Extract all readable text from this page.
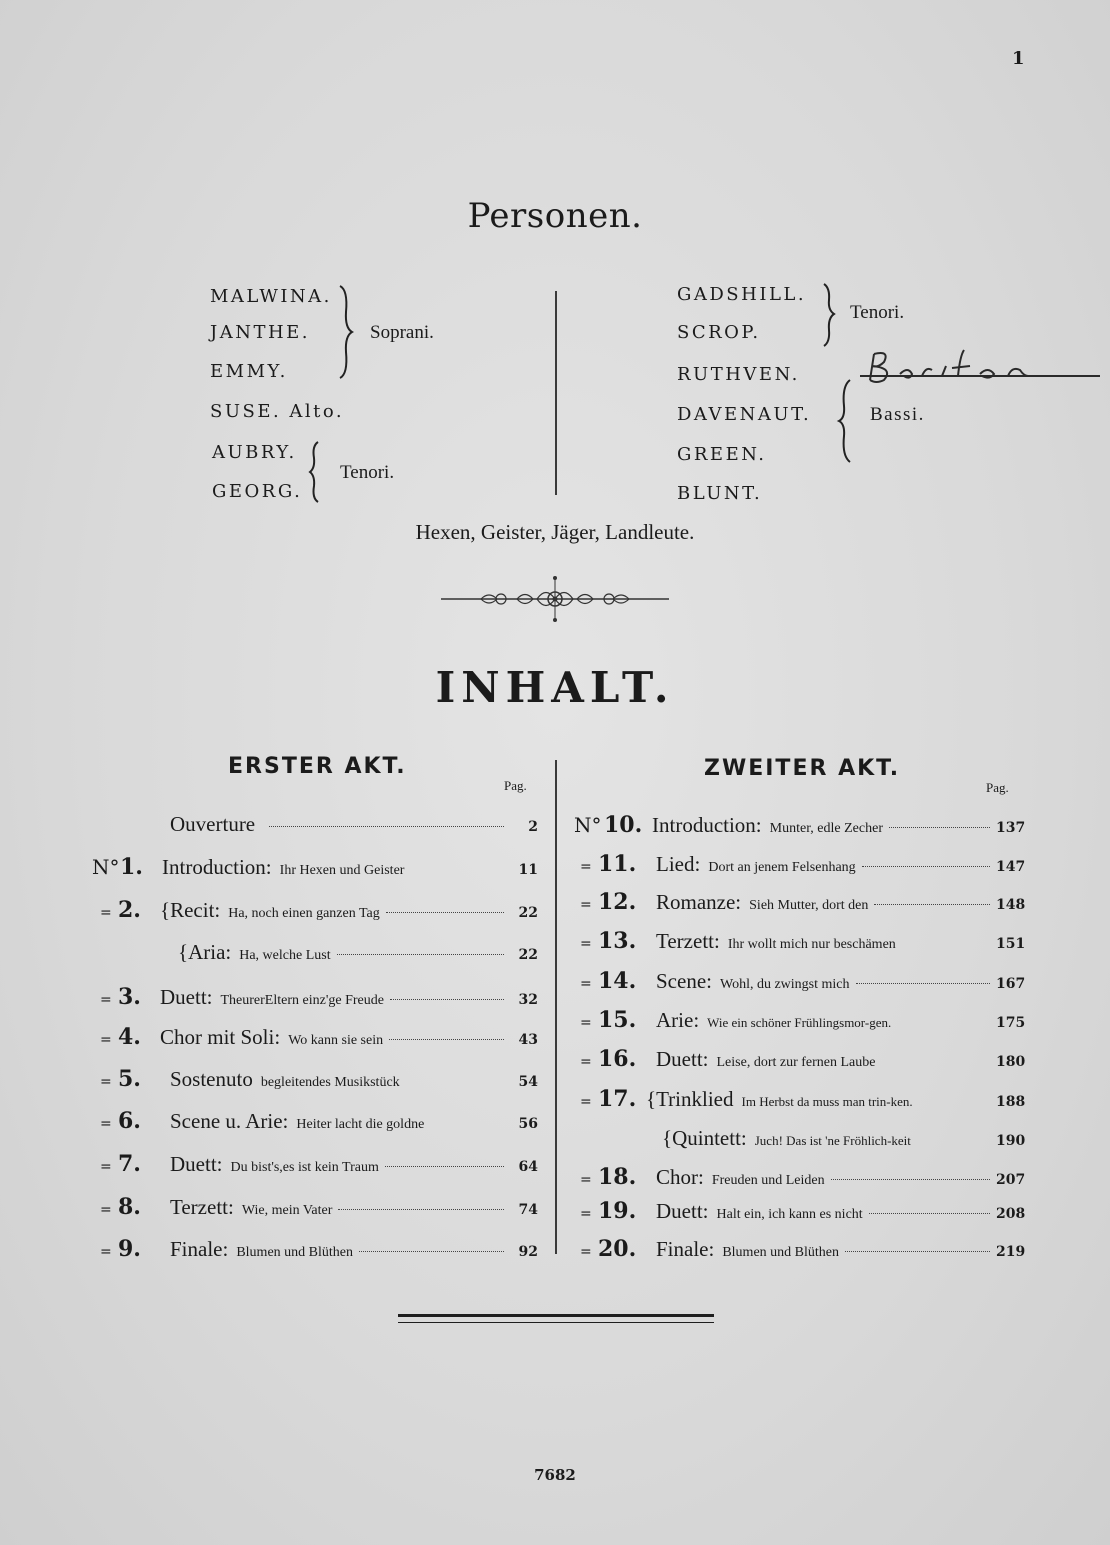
1
Personen.
MALWINA.
JANTHE.
EMMY.
SUSE. Alto.
AUBRY.
GEORG.
Soprani.
Tenori.
GADSHILL.
SCROP.
RUTHVEN.
DAVENAUT.
GREEN.
BLUNT.
Tenori.
Bassi.
Hexen, Geister, Jäger, Landleute.
INHALT.
ERSTER AKT.
Pag.
ZWEITER AKT.
Pag.
Ouverture	2
N° 1. Introduction: Ihr Hexen und Geister	11
= 2. {Recit: Ha, noch einen ganzen Tag	22
{Aria: Ha, welche Lust	22
= 3. Duett: TheurerEltern einz'ge Freude	32
= 4. Chor mit Soli: Wo kann sie sein	43
= 5.	Sostenuto begleitendes Musikstück	54
= 6.	Scene u. Arie: Heiter lacht die goldne	56
= 7.	Duett: Du bist's,es ist kein Traum	64
= 8.	Terzett: Wie, mein Vater	74
= 9.	Finale: Blumen und Blüthen	92
N° 10. Introduction: Munter, edle Zecher	137
= 11. Lied: Dort an jenem Felsenhang	147
= 12. Romanze: Sieh Mutter, dort den	148
= 13. Terzett: Ihr wollt mich nur beschämen	151
= 14. Scene: Wohl, du zwingst mich	167
= 15. Arie: Wie ein schöner Frühlingsmor-gen.	175
= 16. Duett: Leise, dort zur fernen Laube	180
= 17. {Trinklied Im Herbst da muss man trin-ken.	188
{Quintett: Juch! Das ist 'ne Fröhlich-keit	190
= 18. Chor: Freuden und Leiden	207
= 19. Duett: Halt ein, ich kann es nicht	208
= 20. Finale: Blumen und Blüthen	219
7682
